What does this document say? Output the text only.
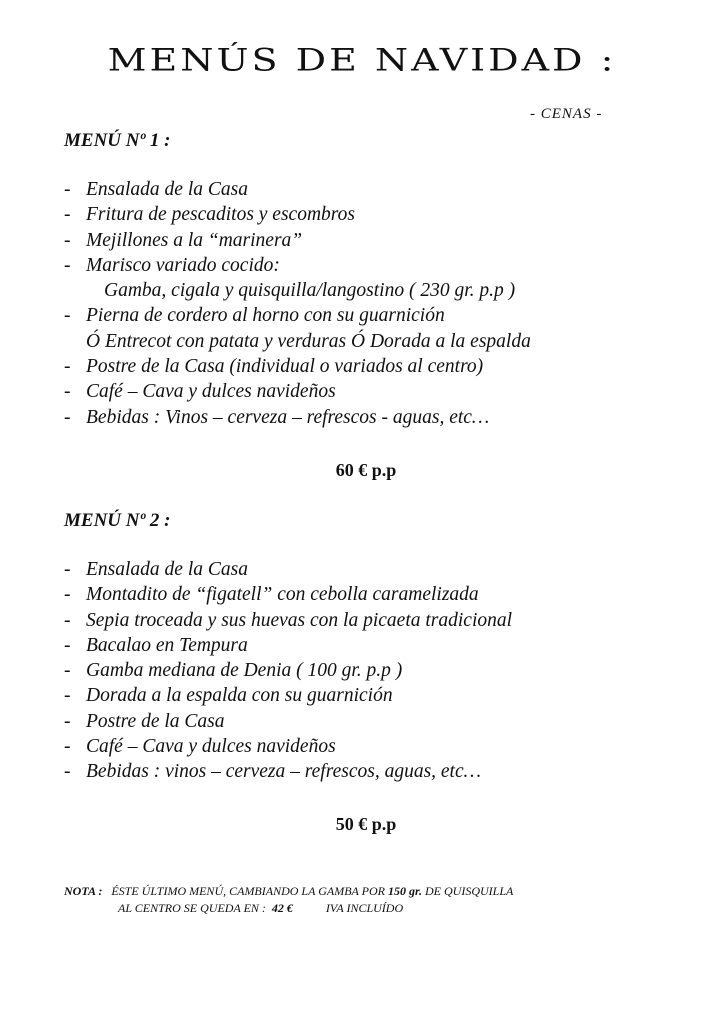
MENÚS DE NAVIDAD :
- CENAS -
MENÚ Nº 1 :
- Ensalada de la Casa
- Fritura de pescaditos y escombros
- Mejillones a la “marinera”
- Marisco variado cocido:
Gamba, cigala y quisquilla/langostino ( 230 gr. p.p )
- Pierna de cordero al horno con su guarnición
Ó Entrecot con patata y verduras Ó Dorada a la espalda
- Postre de la Casa (individual o variados al centro)
- Café – Cava y dulces navideños
- Bebidas : Vinos – cerveza – refrescos - aguas, etc…
60 € p.p
MENÚ Nº 2 :
- Ensalada de la Casa
- Montadito de “figatell” con cebolla caramelizada
- Sepia troceada y sus huevas con la picaeta tradicional
- Bacalao en Tempura
- Gamba mediana de Denia ( 100 gr. p.p )
- Dorada a la espalda con su guarnición
- Postre de la Casa
- Café – Cava y dulces navideños
- Bebidas : vinos – cerveza – refrescos, aguas, etc…
50 € p.p
NOTA : ÉSTE ÚLTIMO MENÚ, CAMBIANDO LA GAMBA POR 150 gr. DE QUISQUILLA
AL CENTRO SE QUEDA EN : 42 €	IVA INCLUÍDO
